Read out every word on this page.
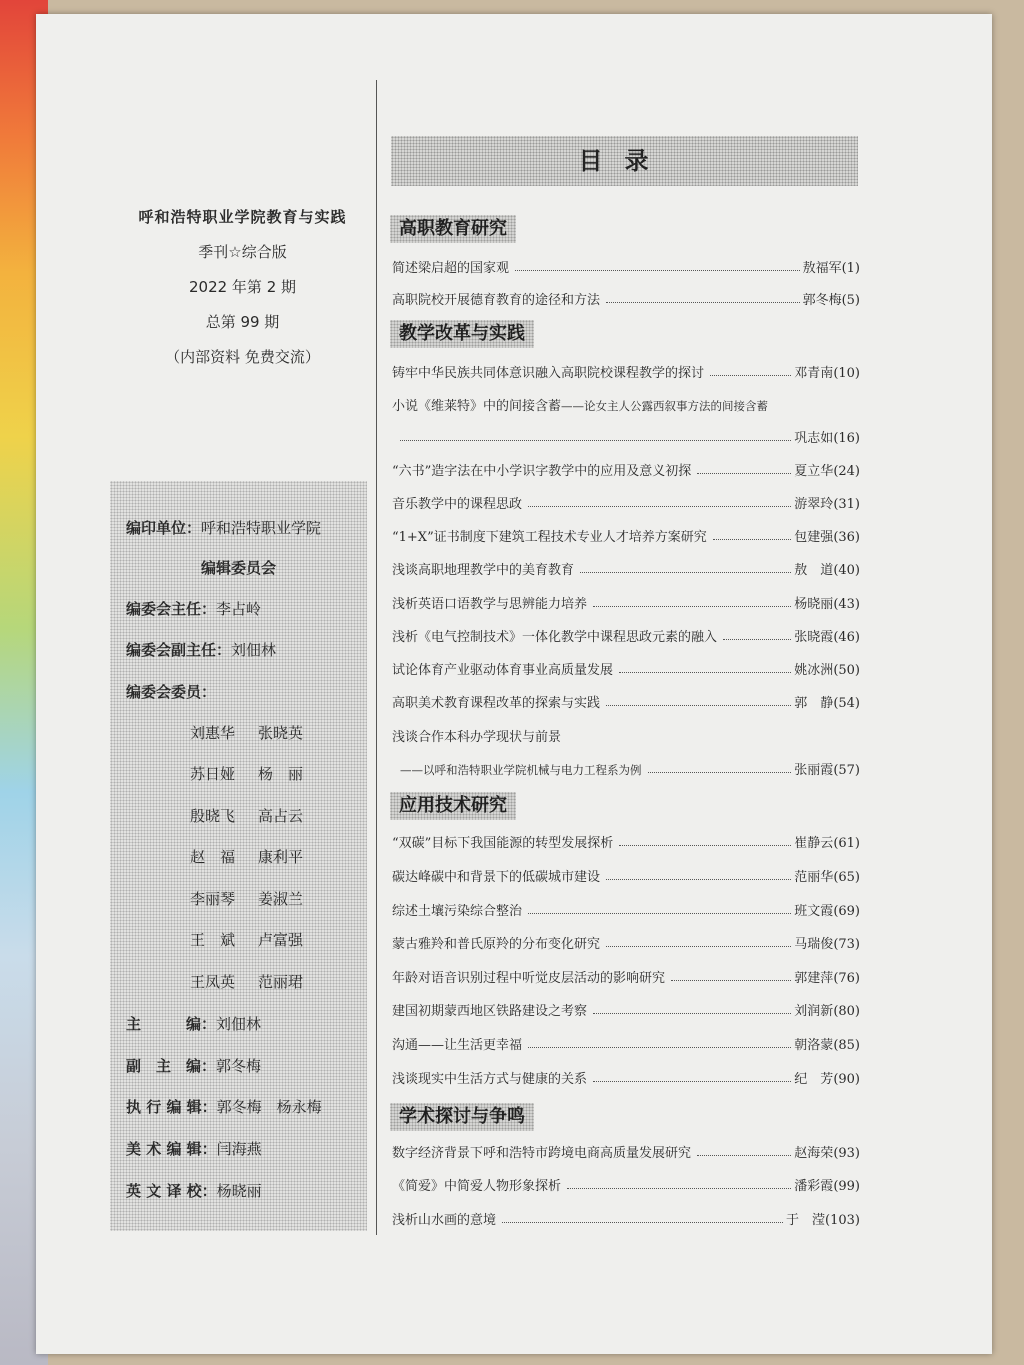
呼和浩特职业学院教育与实践
季刊☆综合版
2022 年第 2 期
总第 99 期
（内部资料 免费交流）
编印单位：呼和浩特职业学院
编辑委员会
编委会主任：李占岭
编委会副主任：刘佃林
编委会委员：
刘惠华 张晓英
苏日娅 杨　丽
殷晓飞 高占云
赵　福 康利平
李丽琴 姜淑兰
王　斌 卢富强
王凤英 范丽珺
主　　　编：刘佃林
副　主　编：郭冬梅
执 行 编 辑：郭冬梅　杨永梅
美 术 编 辑：闫海燕
英 文 译 校：杨晓丽
目录
高职教育研究
教学改革与实践
应用技术研究
学术探讨与争鸣
简述梁启超的国家观	敖福军 (1)
高职院校开展德育教育的途径和方法	郭冬梅 (5)
铸牢中华民族共同体意识融入高职院校课程教学的探讨	邓青南 (10)
小说《维莱特》中的间接含蓄 ——论女主人公露西叙事方法的间接含蓄
巩志如 (16)
“六书”造字法在中小学识字教学中的应用及意义初探	夏立华 (24)
音乐教学中的课程思政	游翠玲 (31)
“1+X”证书制度下建筑工程技术专业人才培养方案研究	包建强 (36)
浅谈高职地理教学中的美育教育	敖　道 (40)
浅析英语口语教学与思辨能力培养	杨晓丽 (43)
浅析《电气控制技术》一体化教学中课程思政元素的融入	张晓霞 (46)
试论体育产业驱动体育事业高质量发展	姚冰洲 (50)
高职美术教育课程改革的探索与实践	郭　静 (54)
浅谈合作本科办学现状与前景
——以呼和浩特职业学院机械与电力工程系为例	张丽霞 (57)
“双碳”目标下我国能源的转型发展探析	崔静云 (61)
碳达峰碳中和背景下的低碳城市建设	范丽华 (65)
综述土壤污染综合整治	班文霞 (69)
蒙古雅羚和普氏原羚的分布变化研究	马瑞俊 (73)
年龄对语音识别过程中听觉皮层活动的影响研究	郭建萍 (76)
建国初期蒙西地区铁路建设之考察	刘润新 (80)
沟通——让生活更幸福	朝洛蒙 (85)
浅谈现实中生活方式与健康的关系	纪　芳 (90)
数字经济背景下呼和浩特市跨境电商高质量发展研究	赵海荣 (93)
《简爱》中简爱人物形象探析	潘彩霞 (99)
浅析山水画的意境	于　滢 (103)
